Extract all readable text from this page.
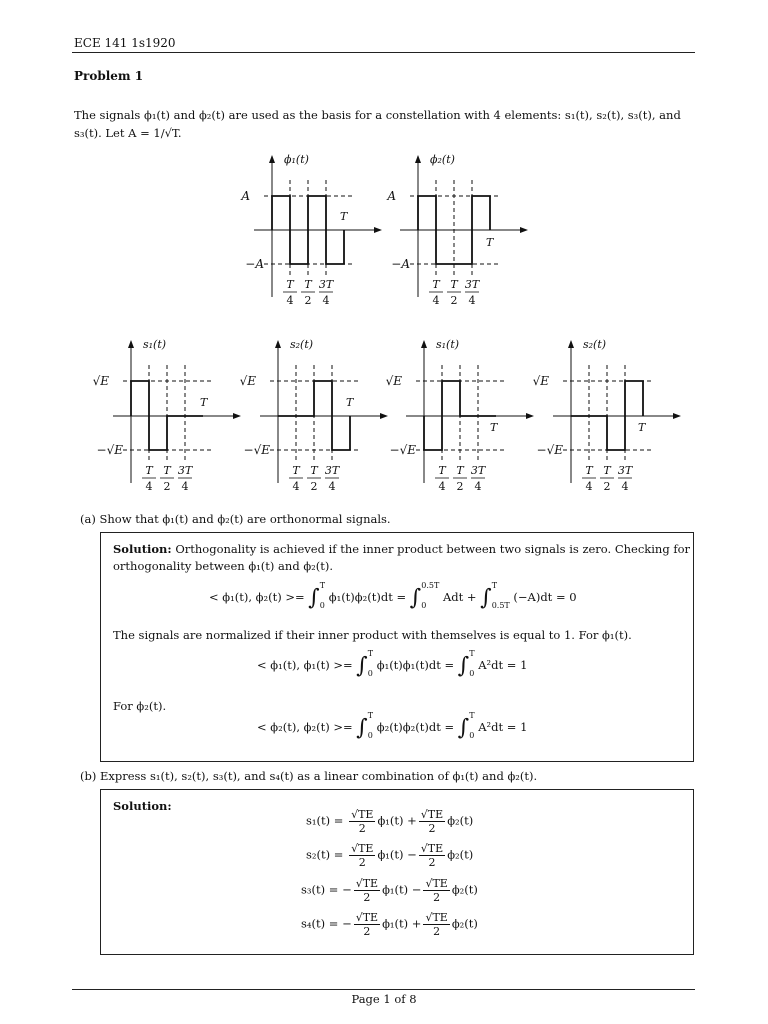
ECE 141 1s1920
Problem 1
The signals ϕ₁(t) and ϕ₂(t) are used as the basis for a constellation with 4 elements: s₁(t), s₂(t), s₃(t), and
s₃(t). Let A = 1/√T.
ϕ₁(t)
A
−A
T
T
4
T
2
3T
4
ϕ₂(t)
A
−A
T
T
4
T
2
3T
4
s₁(t)
√E
−√E
T
T
4
T
2
3T
4
s₂(t)
√E
−√E
T
T
4
T
2
3T
4
s₁(t)
√E
−√E
T
T
4
T
2
3T
4
s₂(t)
√E
−√E
T
T
4
T
2
3T
4
(a) Show that ϕ₁(t) and ϕ₂(t) are orthonormal signals.
Solution: Orthogonality is achieved if the inner product between two signals is zero. Checking for
orthogonality between ϕ₁(t) and ϕ₂(t).
< ϕ₁(t), ϕ₂(t) >= ∫T

0 ϕ₁(t)ϕ₂(t)dt = ∫0.5T

0 Adt + ∫T

0.5T (−A)dt = 0
The signals are normalized if their inner product with themselves is equal to 1. For ϕ₁(t).
< ϕ₁(t), ϕ₁(t) >= ∫T

0 ϕ₁(t)ϕ₁(t)dt = ∫T

0 A²dt = 1
For ϕ₂(t).
< ϕ₂(t), ϕ₂(t) >= ∫T

0 ϕ₂(t)ϕ₂(t)dt = ∫T

0 A²dt = 1
(b) Express s₁(t), s₂(t), s₃(t), and s₄(t) as a linear combination of ϕ₁(t) and ϕ₂(t).
Solution:
$s_1(t) = \frac{√TE}{2} \phi_1(t) + \frac{√TE}{2} \phi_2(t)$
$s_2(t) = \frac{√TE}{2} \phi_1(t) - \frac{√TE}{2} \phi_2(t)$
s₃(t) = − $\frac{√TE}{2} \phi_1(t) - \frac{√TE}{2} \phi_2(t)$
s₄(t) = − $\frac{√TE}{2} \phi_1(t) + \frac{√TE}{2} \phi_2(t)$
Page 1 of 8
